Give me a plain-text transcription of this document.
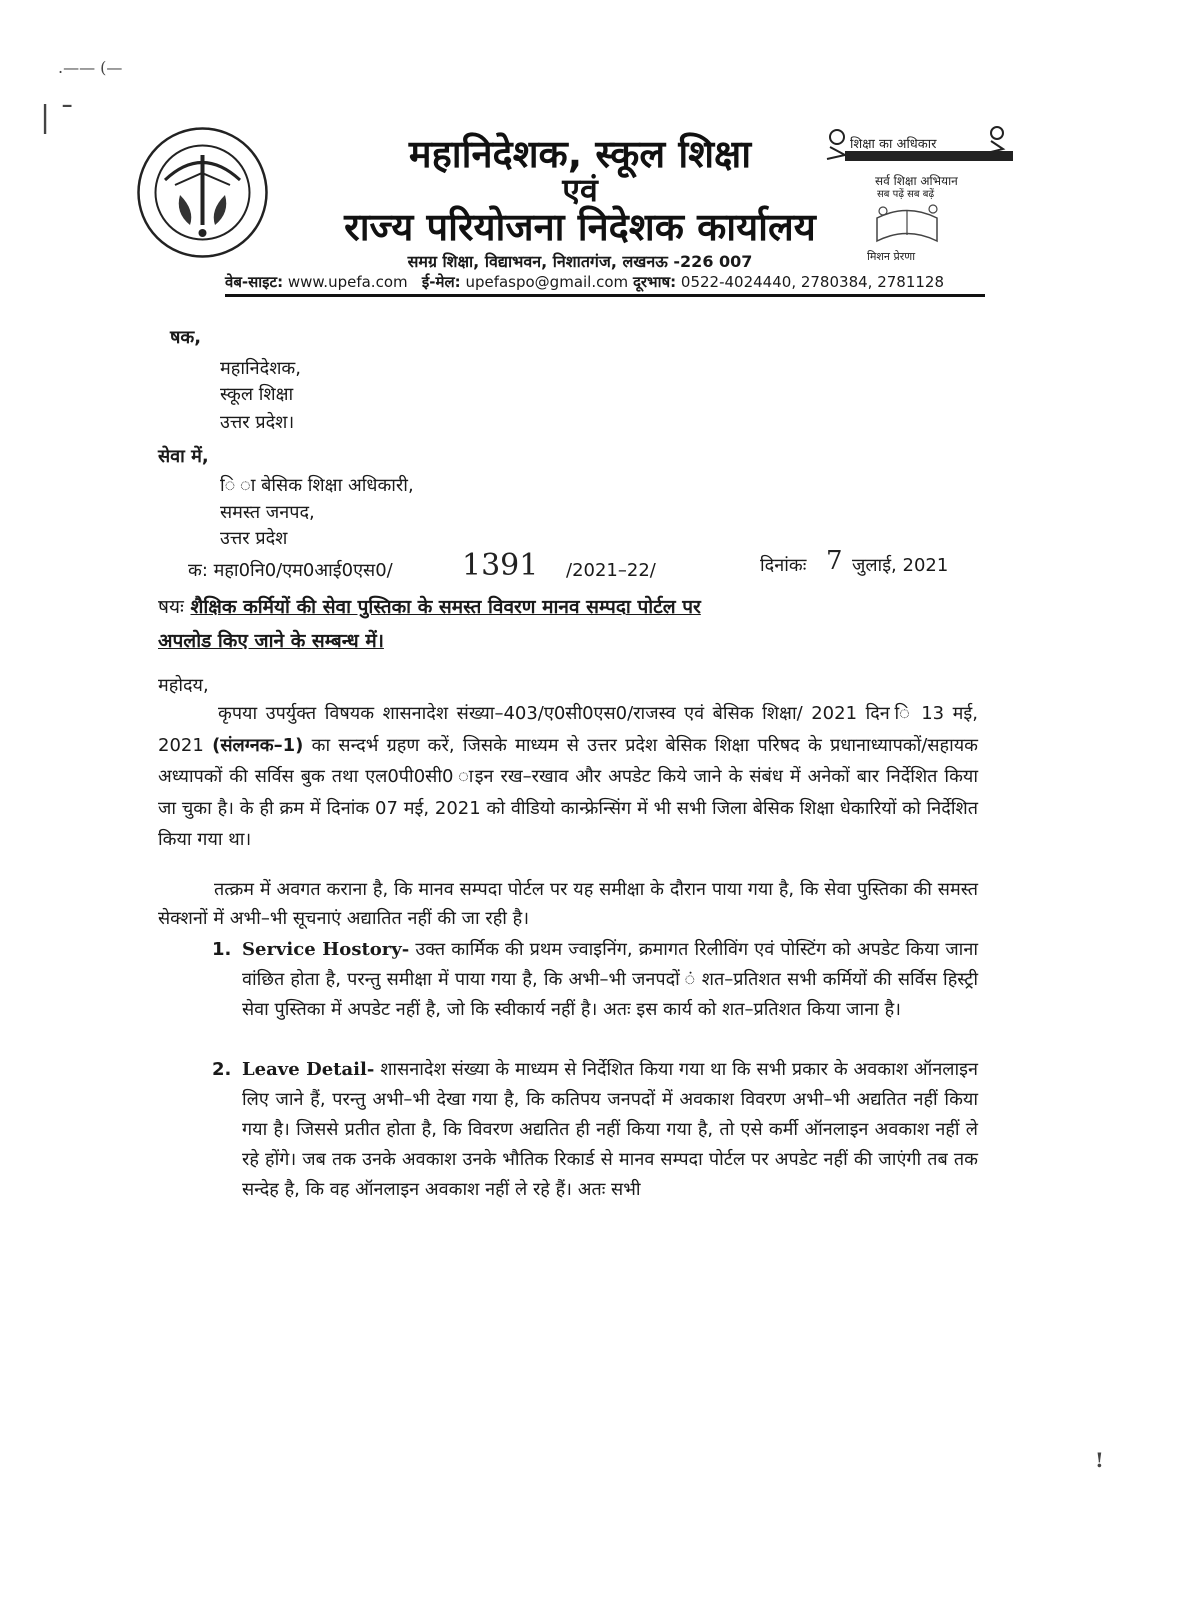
.—— (—
| ¯
!
महानिदेशक, स्कूल शिक्षा
एवं
राज्य परियोजना निदेशक कार्यालय
समग्र शिक्षा, विद्याभवन, निशातगंज, लखनऊ -226 007
वेब-साइट: www.upefa.com ई-मेल: upefaspo@gmail.com दूरभाष: 0522-4024440, 2780384, 2781128
शिक्षा का अधिकार
सर्व शिक्षा अभियान
सब पढ़ें सब बढ़ें
मिशन प्रेरणा
षक,
महानिदेशक,
स्कूल शिक्षा
उत्तर प्रदेश।
सेवा में,
ि ा बेसिक शिक्षा अधिकारी,
समस्त जनपद,
उत्तर प्रदेश
क: महा0नि0/एम0आई0एस0/ 1391 /2021–22/	दिनांकः 7 जुलाई, 2021
षयः शैक्षिक कर्मियों की सेवा पुस्तिका के समस्त विवरण मानव सम्पदा पोर्टल पर
अपलोड किए जाने के सम्बन्ध में।
महोदय,
कृपया उपर्युक्त विषयक शासनादेश संख्या–403/ए0सी0एस0/राजस्व एवं बेसिक शिक्षा/ 2021 दिन ि 13 मई, 2021 (संलग्नक–1) का सन्दर्भ ग्रहण करें, जिसके माध्यम से उत्तर प्रदेश बेसिक शिक्षा परिषद के प्रधानाध्यापकों/सहायक अध्यापकों की सर्विस बुक तथा एल0पी0सी0 ाइन रख–रखाव और अपडेट किये जाने के संबंध में अनेकों बार निर्देशित किया जा चुका है। के ही क्रम में दिनांक 07 मई, 2021 को वीडियो कान्फ्रेन्सिंग में भी सभी जिला बेसिक शिक्षा धेकारियों को निर्देशित किया गया था।
तत्क्रम में अवगत कराना है, कि मानव सम्पदा पोर्टल पर यह समीक्षा के दौरान पाया गया है, कि सेवा पुस्तिका की समस्त सेक्शनों में अभी–भी सूचनाएं अद्यातित नहीं की जा रही है।
1. Service Hostory- उक्त कार्मिक की प्रथम ज्वाइनिंग, क्रमागत रिलीविंग एवं पोस्टिंग को अपडेट किया जाना वांछित होता है, परन्तु समीक्षा में पाया गया है, कि अभी–भी जनपदों ं शत–प्रतिशत सभी कर्मियों की सर्विस हिस्ट्री सेवा पुस्तिका में अपडेट नहीं है, जो कि स्वीकार्य नहीं है। अतः इस कार्य को शत–प्रतिशत किया जाना है।
2. Leave Detail- शासनादेश संख्या के माध्यम से निर्देशित किया गया था कि सभी प्रकार के अवकाश ऑनलाइन लिए जाने हैं, परन्तु अभी–भी देखा गया है, कि कतिपय जनपदों में अवकाश विवरण अभी–भी अद्यतित नहीं किया गया है। जिससे प्रतीत होता है, कि विवरण अद्यतित ही नहीं किया गया है, तो एसे कर्मी ऑनलाइन अवकाश नहीं ले रहे होंगे। जब तक उनके अवकाश उनके भौतिक रिकार्ड से मानव सम्पदा पोर्टल पर अपडेट नहीं की जाएंगी तब तक सन्देह है, कि वह ऑनलाइन अवकाश नहीं ले रहे हैं। अतः सभी
